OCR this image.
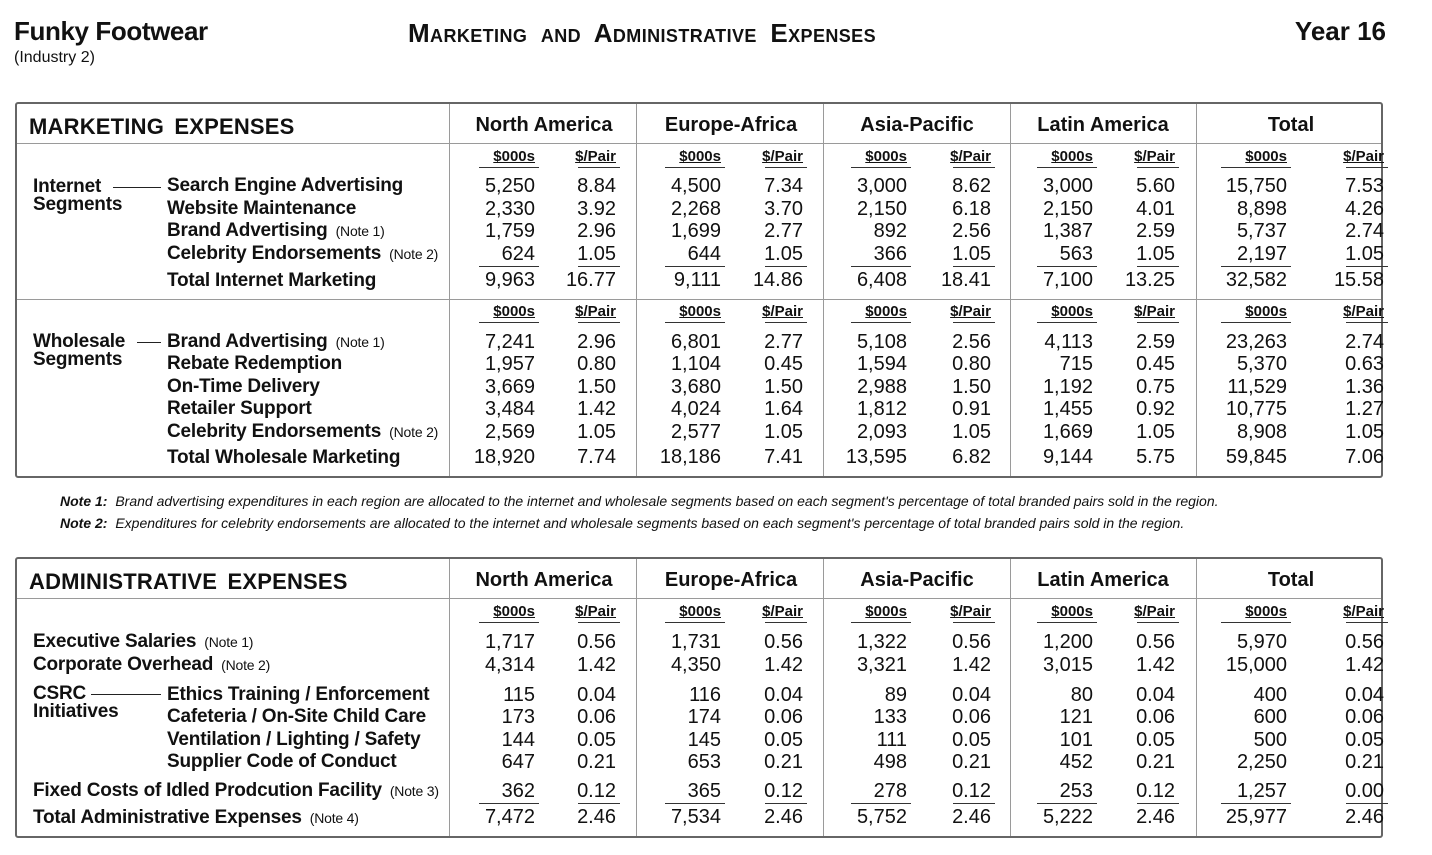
Funky Footwear
(Industry 2)
Marketing and Administrative Expenses	Year 16
MARKETING EXPENSES	North America	Europe-Africa	Asia-Pacific	Latin America	Total
$000s	$/Pair	$000s	$/Pair	$000s	$/Pair	$000s	$/Pair	$000s	$/Pair
Internet
Segments
Search Engine Advertising	5,250	8.84	4,500	7.34	3,000	8.62	3,000	5.60	15,750	7.53
Website Maintenance	2,330	3.92	2,268	3.70	2,150	6.18	2,150	4.01	8,898	4.26
Brand Advertising (Note 1)	1,759	2.96	1,699	2.77	892	2.56	1,387	2.59	5,737	2.74
Celebrity Endorsements (Note 2)	624	1.05	644	1.05	366	1.05	563	1.05	2,197	1.05
Total Internet Marketing	9,963 16.77	9,111 14.86	6,408 18.41	7,100 13.25	32,582 15.58
$000s	$/Pair	$000s	$/Pair	$000s	$/Pair	$000s	$/Pair	$000s	$/Pair
Wholesale
Segments
Brand Advertising (Note 1)	7,241	2.96	6,801	2.77	5,108	2.56	4,113	2.59	23,263	2.74
Rebate Redemption	1,957	0.80	1,104	0.45	1,594	0.80	715	0.45	5,370	0.63
On-Time Delivery	3,669	1.50	3,680	1.50	2,988	1.50	1,192	0.75	11,529	1.36
Retailer Support	3,484	1.42	4,024	1.64	1,812	0.91	1,455	0.92	10,775	1.27
Celebrity Endorsements (Note 2)	2,569	1.05	2,577	1.05	2,093	1.05	1,669	1.05	8,908	1.05
Total Wholesale Marketing	18,920	7.74	18,186	7.41	13,595	6.82	9,144	5.75	59,845	7.06
Note 1: Brand advertising expenditures in each region are allocated to the internet and wholesale segments based on each segment's percentage of total branded pairs sold in the region.
Note 2: Expenditures for celebrity endorsements are allocated to the internet and wholesale segments based on each segment's percentage of total branded pairs sold in the region.
ADMINISTRATIVE EXPENSES	North America	Europe-Africa	Asia-Pacific	Latin America	Total
$000s	$/Pair	$000s	$/Pair	$000s	$/Pair	$000s	$/Pair	$000s	$/Pair
Executive Salaries (Note 1)	1,717	0.56	1,731	0.56	1,322	0.56	1,200	0.56	5,970	0.56
Corporate Overhead (Note 2)	4,314	1.42	4,350	1.42	3,321	1.42	3,015	1.42	15,000	1.42
CSRC
Initiatives
Ethics Training / Enforcement	115	0.04	116	0.04	89	0.04	80	0.04	400	0.04
Cafeteria / On-Site Child Care	173	0.06	174	0.06	133	0.06	121	0.06	600	0.06
Ventilation / Lighting / Safety	144	0.05	145	0.05	111	0.05	101	0.05	500	0.05
Supplier Code of Conduct	647	0.21	653	0.21	498	0.21	452	0.21	2,250	0.21
Fixed Costs of Idled Prodcution Facility (Note 3)	362	0.12	365	0.12	278	0.12	253	0.12	1,257	0.00
Total Administrative Expenses (Note 4)	7,472	2.46	7,534	2.46	5,752	2.46	5,222	2.46	25,977	2.46
